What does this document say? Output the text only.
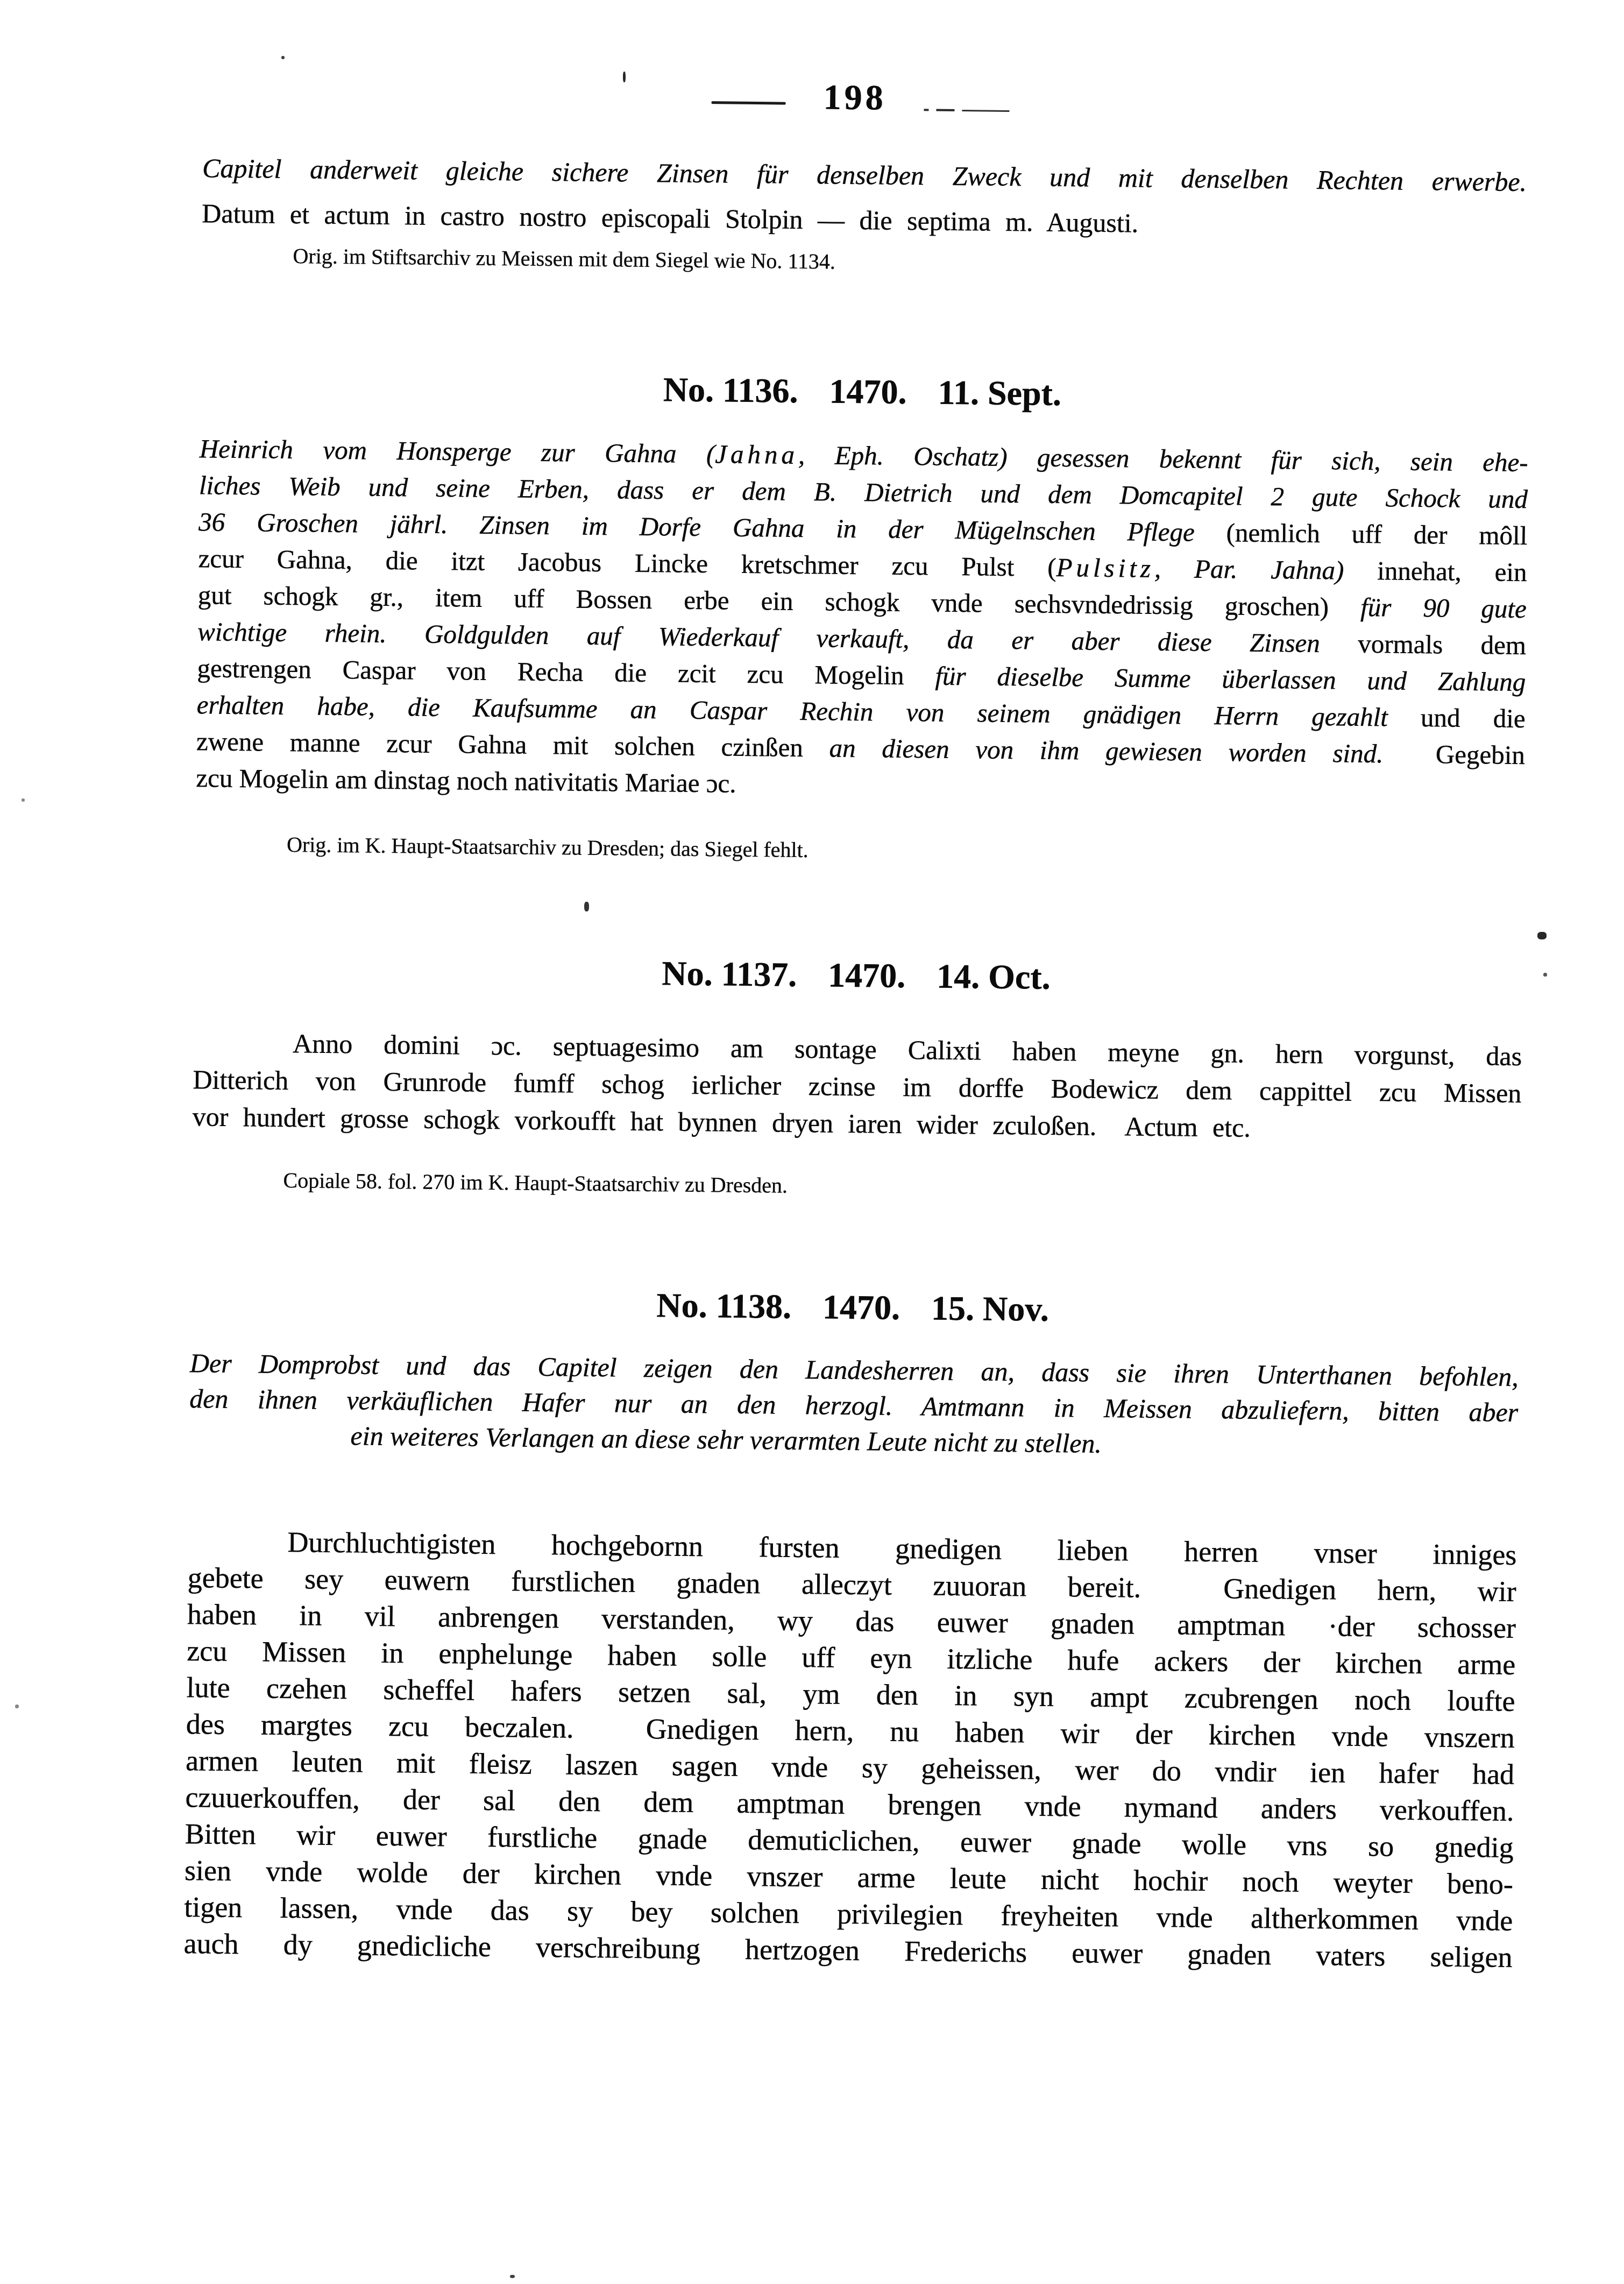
198
Capitel anderweit gleiche sichere Zinsen für denselben Zweck und mit denselben Rechten erwerbe.
Datum et actum in castro nostro episcopali Stolpin — die septima m. Augusti.
Orig. im Stiftsarchiv zu Meissen mit dem Siegel wie No. 1134.
No. 1136. 1470. 11. Sept.
Heinrich vom Honsperge zur Gahna (Jahna, Eph. Oschatz) gesessen bekennt für sich, sein ehe-
liches Weib und seine Erben, dass er dem B. Dietrich und dem Domcapitel 2 gute Schock und
36 Groschen jährl. Zinsen im Dorfe Gahna in der Mügelnschen Pflege (nemlich uff der môll
zcur Gahna, die itzt Jacobus Lincke kretschmer zcu Pulst (Pulsitz, Par. Jahna) innehat, ein
gut schogk gr., item uff Bossen erbe ein schogk vnde sechsvndedrissig groschen) für 90 gute
wichtige rhein. Goldgulden auf Wiederkauf verkauft, da er aber diese Zinsen vormals dem
gestrengen Caspar von Recha die zcit zcu Mogelin für dieselbe Summe überlassen und Zahlung
erhalten habe, die Kaufsumme an Caspar Rechin von seinem gnädigen Herrn gezahlt und die
zwene manne zcur Gahna mit solchen czinßen an diesen von ihm gewiesen worden sind.  Gegebin
zcu Mogelin am dinstag noch nativitatis Mariae ɔc.
Orig. im K. Haupt-Staatsarchiv zu Dresden; das Siegel fehlt.
No. 1137. 1470. 14. Oct.
Anno domini ɔc. septuagesimo am sontage Calixti haben meyne gn. hern vorgunst, das
Ditterich von Grunrode fumff schog ierlicher zcinse im dorffe Bodewicz dem cappittel zcu Missen
vor hundert grosse schogk vorkoufft hat bynnen dryen iaren wider zculoßen.  Actum etc.
Copiale 58. fol. 270 im K. Haupt-Staatsarchiv zu Dresden.
No. 1138. 1470. 15. Nov.
Der Domprobst und das Capitel zeigen den Landesherren an, dass sie ihren Unterthanen befohlen,
den ihnen verkäuflichen Hafer nur an den herzogl. Amtmann in Meissen abzuliefern, bitten aber
ein weiteres Verlangen an diese sehr verarmten Leute nicht zu stellen.
Durchluchtigisten hochgebornn fursten gnedigen lieben herren vnser inniges
gebete sey euwern furstlichen gnaden alleczyt zuuoran bereit.  Gnedigen hern, wir
haben in vil anbrengen verstanden, wy das euwer gnaden amptman ·der schosser
zcu Missen in enphelunge haben solle uff eyn itzliche hufe ackers der kirchen arme
lute czehen scheffel hafers setzen sal, ym den in syn ampt zcubrengen noch loufte
des margtes zcu beczalen.  Gnedigen hern, nu haben wir der kirchen vnde vnszern
armen leuten mit fleisz laszen sagen vnde sy geheissen, wer do vndir ien hafer had
czuuerkouffen, der sal den dem amptman brengen vnde nymand anders verkouffen.
Bitten wir euwer furstliche gnade demuticlichen, euwer gnade wolle vns so gnedig
sien vnde wolde der kirchen vnde vnszer arme leute nicht hochir noch weyter beno-
tigen lassen, vnde das sy bey solchen privilegien freyheiten vnde altherkommen vnde
auch dy gnedicliche verschreibung hertzogen Frederichs euwer gnaden vaters seligen
